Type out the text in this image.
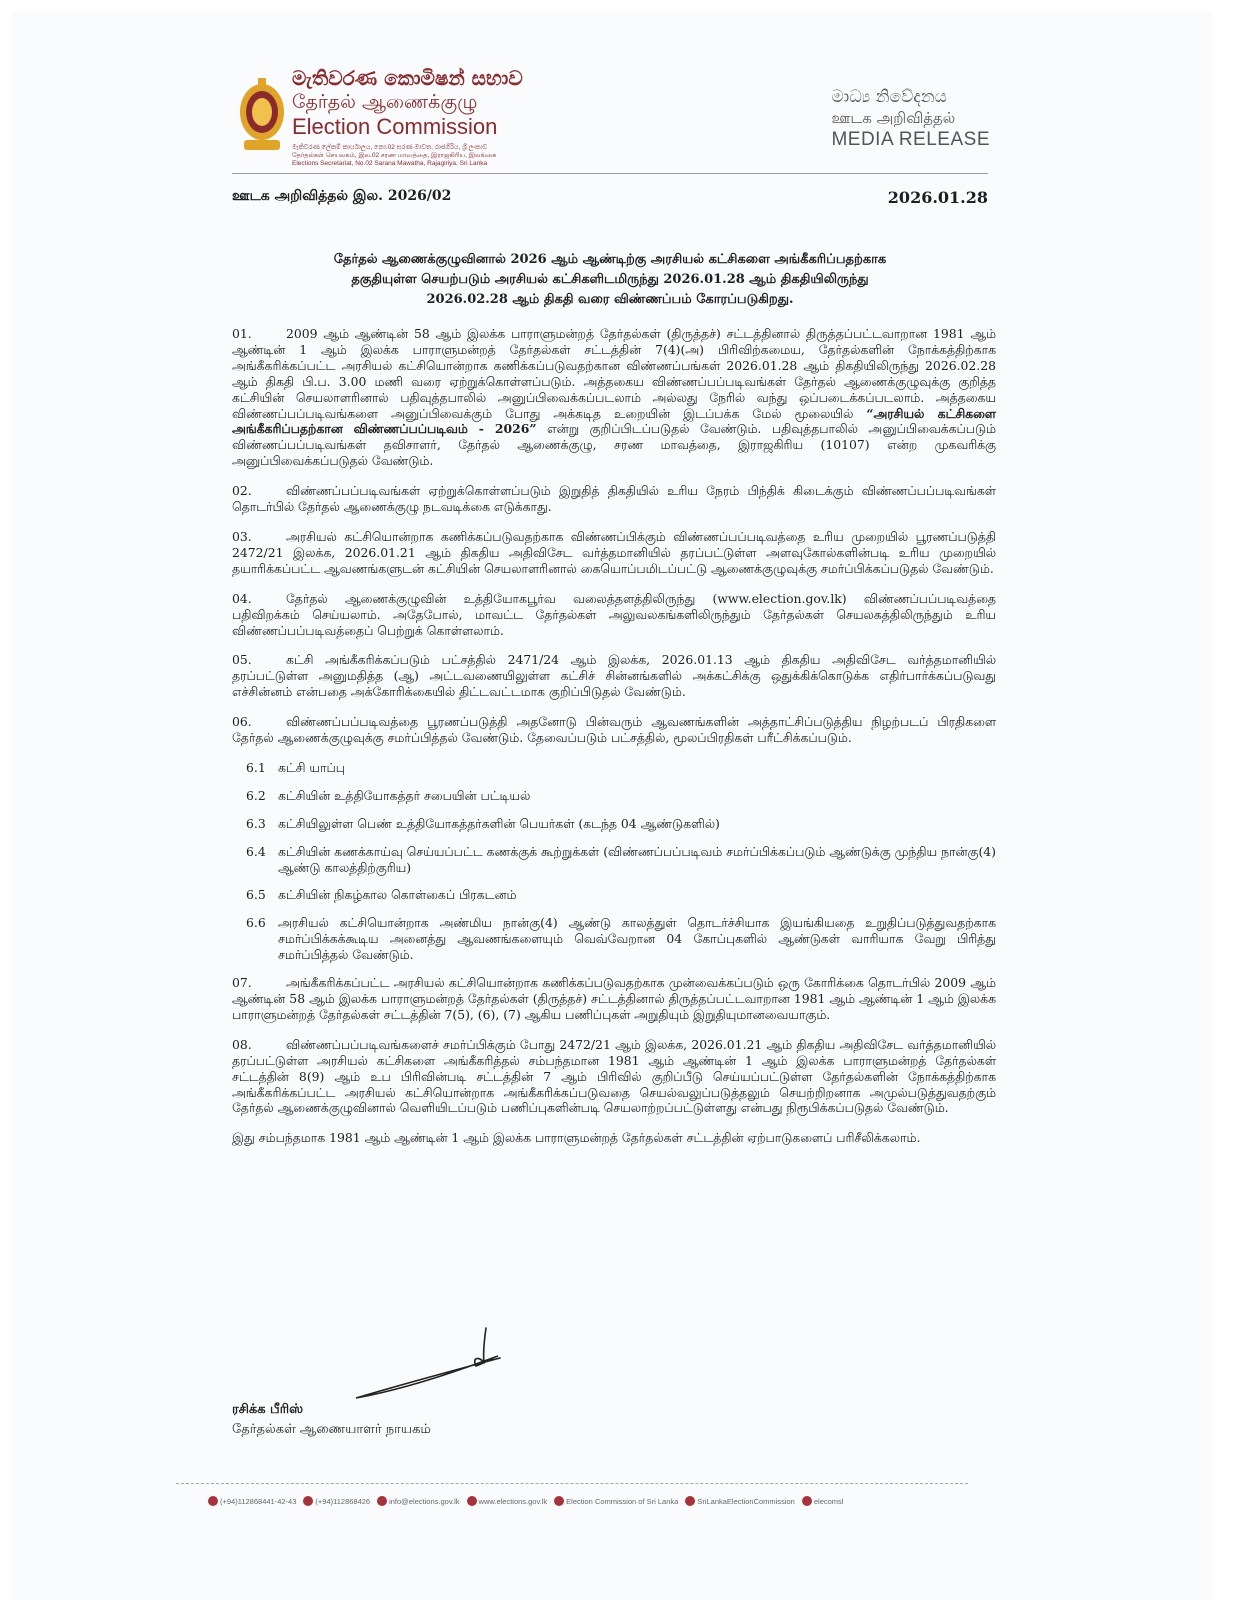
මැතිවරණ කොමිෂන් සභාව
தேர்தல் ஆணைக்குழு
Election Commission
මැතිවරණ ලේකම් කාර්යාලය, නො.02 සරණ මාවත, රාජගිරිය, ශ්‍රී ලංකාව
தேர்தல்கள் செயலகம், இல.02 சரண மாவத்தை, இராஜகிரிய, இலங்கை
Elections Secretariat, No.02 Sarana Mawatha, Rajagiriya, Sri Lanka
මාධ්‍ය නිවේදනය
ஊடக அறிவித்தல்
MEDIA RELEASE
ஊடக அறிவித்தல் இல. 2026/02	2026.01.28
தேர்தல் ஆணைக்குழுவினால் 2026 ஆம் ஆண்டிற்கு அரசியல் கட்சிகளை அங்கீகரிப்பதற்காக
தகுதியுள்ள செயற்படும் அரசியல் கட்சிகளிடமிருந்து 2026.01.28 ஆம் திகதியிலிருந்து
2026.02.28 ஆம் திகதி வரை விண்ணப்பம் கோரப்படுகிறது.

01.	2009 ஆம் ஆண்டின் 58 ஆம் இலக்க பாராளுமன்றத் தேர்தல்கள் (திருத்தச்) சட்டத்தினால் திருத்தப்பட்டவாறான 1981 ஆம் ஆண்டின் 1 ஆம் இலக்க பாராளுமன்றத் தேர்தல்கள் சட்டத்தின் 7(4)(அ) பிரிவிற்கமைய, தேர்தல்களின் நோக்கத்திற்காக அங்கீகரிக்கப்பட்ட அரசியல் கட்சியொன்றாக கணிக்கப்படுவதற்கான விண்ணப்பங்கள் 2026.01.28 ஆம் திகதியிலிருந்து 2026.02.28 ஆம் திகதி பி.ப. 3.00 மணி வரை ஏற்றுக்கொள்ளப்படும். அத்தகைய விண்ணப்பப்படிவங்கள் தேர்தல் ஆணைக்குழுவுக்கு குறித்த கட்சியின் செயலாளரினால் பதிவுத்தபாலில் அனுப்பிவைக்கப்படலாம் அல்லது நேரில் வந்து ஒப்படைக்கப்படலாம். அத்தகைய விண்ணப்பப்படிவங்களை அனுப்பிவைக்கும் போது அக்கடித உறையின் இடப்பக்க மேல் மூலையில் “அரசியல் கட்சிகளை அங்கீகரிப்பதற்கான விண்ணப்பப்படிவம் - 2026” என்று குறிப்பிடப்படுதல் வேண்டும். பதிவுத்தபாலில் அனுப்பிவைக்கப்படும் விண்ணப்பப்படிவங்கள் தவிசாளர், தேர்தல் ஆணைக்குழு, சரண மாவத்தை, இராஜகிரிய (10107) என்ற முகவரிக்கு அனுப்பிவைக்கப்படுதல் வேண்டும்.

02.	விண்ணப்பப்படிவங்கள் ஏற்றுக்கொள்ளப்படும் இறுதித் திகதியில் உரிய நேரம் பிந்திக் கிடைக்கும் விண்ணப்பப்படிவங்கள் தொடர்பில் தேர்தல் ஆணைக்குழு நடவடிக்கை எடுக்காது.

03.	அரசியல் கட்சியொன்றாக கணிக்கப்படுவதற்காக விண்ணப்பிக்கும் விண்ணப்பப்படிவத்தை உரிய முறையில் பூரணப்படுத்தி 2472/21 இலக்க, 2026.01.21 ஆம் திகதிய அதிவிசேட வர்த்தமானியில் தரப்பட்டுள்ள அளவுகோல்களின்படி உரிய முறையில் தயாரிக்கப்பட்ட ஆவணங்களுடன் கட்சியின் செயலாளரினால் கையொப்பமிடப்பட்டு ஆணைக்குழுவுக்கு சமர்ப்பிக்கப்படுதல் வேண்டும்.

04.	தேர்தல் ஆணைக்குழுவின் உத்தியோகபூர்வ வலைத்தளத்திலிருந்து (www.election.gov.lk) விண்ணப்பப்படிவத்தை பதிவிறக்கம் செய்யலாம். அதேபோல், மாவட்ட தேர்தல்கள் அலுவலகங்களிலிருந்தும் தேர்தல்கள் செயலகத்திலிருந்தும் உரிய விண்ணப்பப்படிவத்தைப் பெற்றுக் கொள்ளலாம்.

05.	கட்சி அங்கீகரிக்கப்படும் பட்சத்தில் 2471/24 ஆம் இலக்க, 2026.01.13 ஆம் திகதிய அதிவிசேட வர்த்தமானியில் தரப்பட்டுள்ள அனுமதித்த (ஆ) அட்டவணையிலுள்ள கட்சிச் சின்னங்களில் அக்கட்சிக்கு ஒதுக்கிக்கொடுக்க எதிர்பார்க்கப்படுவது எச்சின்னம் என்பதை அக்கோரிக்கையில் திட்டவட்டமாக குறிப்பிடுதல் வேண்டும்.

06.	விண்ணப்பப்படிவத்தை பூரணப்படுத்தி அதனோடு பின்வரும் ஆவணங்களின் அத்தாட்சிப்படுத்திய நிழற்படப் பிரதிகளை தேர்தல் ஆணைக்குழுவுக்கு சமர்ப்பித்தல் வேண்டும். தேவைப்படும் பட்சத்தில், மூலப்பிரதிகள் பரீட்சிக்கப்படும்.

6.1 கட்சி யாப்பு
6.2 கட்சியின் உத்தியோகத்தர் சபையின் பட்டியல்
6.3 கட்சியிலுள்ள பெண் உத்தியோகத்தர்களின் பெயர்கள் (கடந்த 04 ஆண்டுகளில்)
6.4 கட்சியின் கணக்காய்வு செய்யப்பட்ட கணக்குக் கூற்றுக்கள் (விண்ணப்பப்படிவம் சமர்ப்பிக்கப்படும் ஆண்டுக்கு முந்திய நான்கு(4) ஆண்டு காலத்திற்குரிய)
6.5 கட்சியின் நிகழ்கால கொள்கைப் பிரகடனம்
6.6 அரசியல் கட்சியொன்றாக அண்மிய நான்கு(4) ஆண்டு காலத்துள் தொடர்ச்சியாக இயங்கியதை உறுதிப்படுத்துவதற்காக சமர்ப்பிக்கக்கூடிய அனைத்து ஆவணங்களையும் வெவ்வேறான 04 கோப்புகளில் ஆண்டுகள் வாரியாக வேறு பிரித்து சமர்ப்பித்தல் வேண்டும்.

07.	அங்கீகரிக்கப்பட்ட அரசியல் கட்சியொன்றாக கணிக்கப்படுவதற்காக முன்வைக்கப்படும் ஒரு கோரிக்கை தொடர்பில் 2009 ஆம் ஆண்டின் 58 ஆம் இலக்க பாராளுமன்றத் தேர்தல்கள் (திருத்தச்) சட்டத்தினால் திருத்தப்பட்டவாறான 1981 ஆம் ஆண்டின் 1 ஆம் இலக்க பாராளுமன்றத் தேர்தல்கள் சட்டத்தின் 7(5), (6), (7) ஆகிய பணிப்புகள் அறுதியும் இறுதியுமானவையாகும்.

08.	விண்ணப்பப்படிவங்களைச் சமர்ப்பிக்கும் போது 2472/21 ஆம் இலக்க, 2026.01.21 ஆம் திகதிய அதிவிசேட வர்த்தமானியில் தரப்பட்டுள்ள அரசியல் கட்சிகளை அங்கீகரித்தல் சம்பந்தமான 1981 ஆம் ஆண்டின் 1 ஆம் இலக்க பாராளுமன்றத் தேர்தல்கள் சட்டத்தின் 8(9) ஆம் உப பிரிவின்படி சட்டத்தின் 7 ஆம் பிரிவில் குறிப்பீடு செய்யப்பட்டுள்ள தேர்தல்களின் நோக்கத்திற்காக அங்கீகரிக்கப்பட்ட அரசியல் கட்சியொன்றாக அங்கீகரிக்கப்படுவதை செயல்வலுப்படுத்தலும் செயற்றிறனாக அமுல்படுத்துவதற்கும் தேர்தல் ஆணைக்குழுவினால் வெளியிடப்படும் பணிப்புகளின்படி செயலாற்றப்பட்டுள்ளது என்பது நிரூபிக்கப்படுதல் வேண்டும்.

இது சம்பந்தமாக 1981 ஆம் ஆண்டின் 1 ஆம் இலக்க பாராளுமன்றத் தேர்தல்கள் சட்டத்தின் ஏற்பாடுகளைப் பரிசீலிக்கலாம்.

ரசிக்க பீரிஸ்
தேர்தல்கள் ஆணையாளர் நாயகம்
(+94)112868441-42-43	(+94)112868426	info@elections.gov.lk	www.elections.gov.lk	Election Commission of Sri Lanka	SriLankaElectionCommission	elecomsl
